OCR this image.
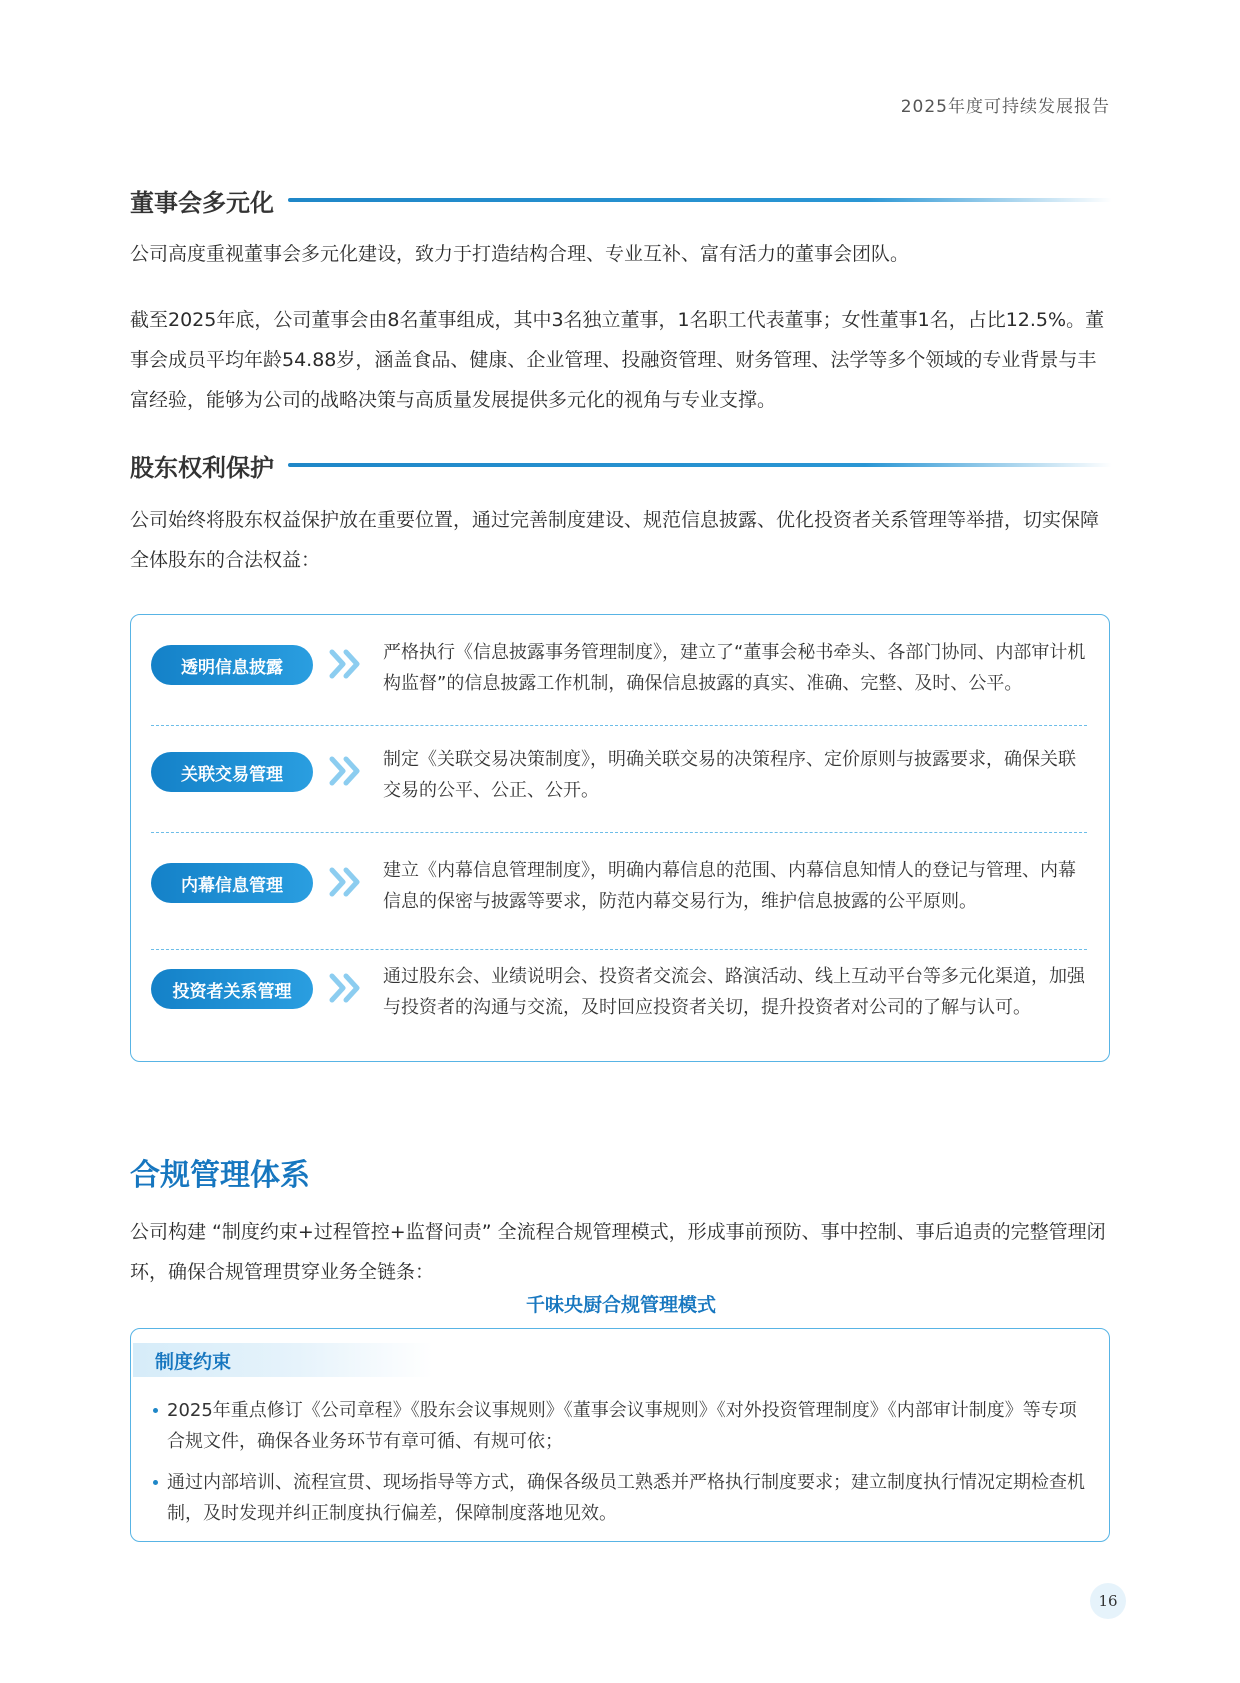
2025年度可持续发展报告
董事会多元化

公司高度重视董事会多元化建设，致力于打造结构合理、专业互补、富有活力的董事会团队。

截至2025年底，公司董事会由8名董事组成，其中3名独立董事，1名职工代表董事；女性董事1名，占比12.5%。董事会成员平均年龄54.88岁，涵盖食品、健康、企业管理、投融资管理、财务管理、法学等多个领域的专业背景与丰富经验，能够为公司的战略决策与高质量发展提供多元化的视角与专业支撑。

股东权利保护

公司始终将股东权益保护放在重要位置，通过完善制度建设、规范信息披露、优化投资者关系管理等举措，切实保障全体股东的合法权益：

透明信息披露

严格执行《信息披露事务管理制度》，建立了“董事会秘书牵头、各部门协同、内部审计机构监督”的信息披露工作机制，确保信息披露的真实、准确、完整、及时、公平。

关联交易管理

制定《关联交易决策制度》，明确关联交易的决策程序、定价原则与披露要求，确保关联交易的公平、公正、公开。

内幕信息管理

建立《内幕信息管理制度》，明确内幕信息的范围、内幕信息知情人的登记与管理、内幕信息的保密与披露等要求，防范内幕交易行为，维护信息披露的公平原则。

投资者关系管理

通过股东会、业绩说明会、投资者交流会、路演活动、线上互动平台等多元化渠道，加强与投资者的沟通与交流，及时回应投资者关切，提升投资者对公司的了解与认可。

合规管理体系

公司构建 “制度约束+过程管控+监督问责” 全流程合规管理模式，形成事前预防、事中控制、事后追责的完整管理闭环，确保合规管理贯穿业务全链条：

千味央厨合规管理模式
制度约束

2025年重点修订《公司章程》《股东会议事规则》《董事会议事规则》《对外投资管理制度》《内部审计制度》等专项合规文件，确保各业务环节有章可循、有规可依；

通过内部培训、流程宣贯、现场指导等方式，确保各级员工熟悉并严格执行制度要求；建立制度执行情况定期检查机制，及时发现并纠正制度执行偏差，保障制度落地见效。

16
